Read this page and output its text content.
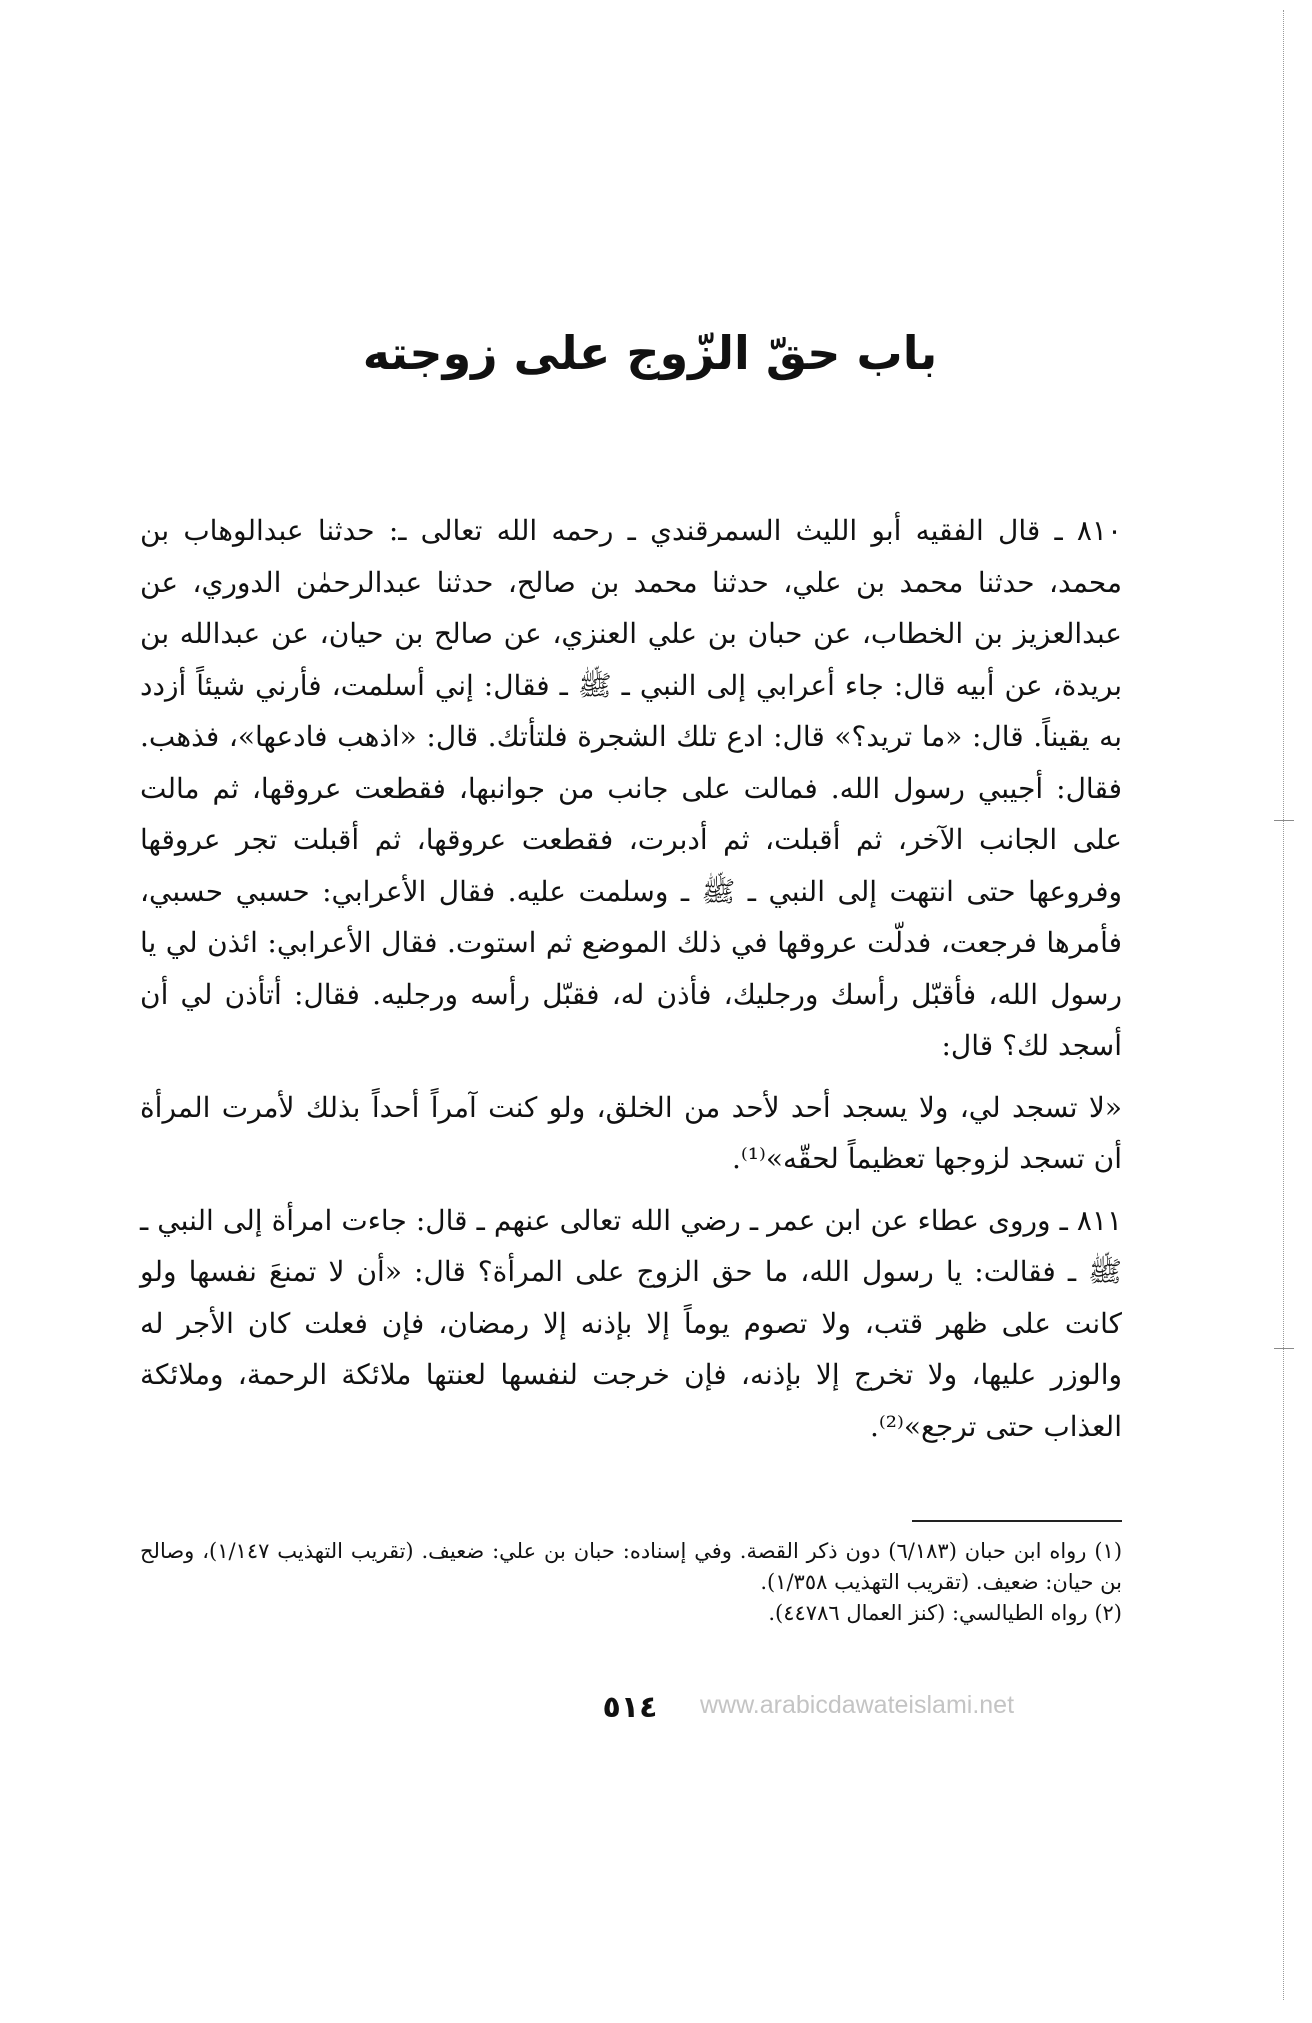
باب حقّ الزّوج على زوجته

٨١٠ ـ قال الفقيه أبو الليث السمرقندي ـ رحمه الله تعالى ـ: حدثنا عبدالوهاب بن محمد، حدثنا محمد بن علي، حدثنا محمد بن صالح، حدثنا عبدالرحمٰن الدوري، عن عبدالعزيز بن الخطاب، عن حبان بن علي العنزي، عن صالح بن حيان، عن عبدالله بن بريدة، عن أبيه قال: جاء أعرابي إلى النبي ـ ﷺ ـ فقال: إني أسلمت، فأرني شيئاً أزدد به يقيناً. قال: «ما تريد؟» قال: ادع تلك الشجرة فلتأتك. قال: «اذهب فادعها»، فذهب. فقال: أجيبي رسول الله. فمالت على جانب من جوانبها، فقطعت عروقها، ثم مالت على الجانب الآخر، ثم أقبلت، ثم أدبرت، فقطعت عروقها، ثم أقبلت تجر عروقها وفروعها حتى انتهت إلى النبي ـ ﷺ ـ وسلمت عليه. فقال الأعرابي: حسبي حسبي، فأمرها فرجعت، فدلّت عروقها في ذلك الموضع ثم استوت. فقال الأعرابي: ائذن لي يا رسول الله، فأقبّل رأسك ورجليك، فأذن له، فقبّل رأسه ورجليه. فقال: أتأذن لي أن أسجد لك؟ قال:

«لا تسجد لي، ولا يسجد أحد لأحد من الخلق، ولو كنت آمراً أحداً بذلك لأمرت المرأة أن تسجد لزوجها تعظيماً لحقّه»⁽¹⁾.

٨١١ ـ وروى عطاء عن ابن عمر ـ رضي الله تعالى عنهم ـ قال: جاءت امرأة إلى النبي ـ ﷺ ـ فقالت: يا رسول الله، ما حق الزوج على المرأة؟ قال: «أن لا تمنعَ نفسها ولو كانت على ظهر قتب، ولا تصوم يوماً إلا بإذنه إلا رمضان، فإن فعلت كان الأجر له والوزر عليها، ولا تخرج إلا بإذنه، فإن خرجت لنفسها لعنتها ملائكة الرحمة، وملائكة العذاب حتى ترجع»⁽²⁾.

(١) رواه ابن حبان (٦/١٨٣) دون ذكر القصة. وفي إسناده: حبان بن علي: ضعيف. (تقريب التهذيب ١/١٤٧)، وصالح بن حيان: ضعيف. (تقريب التهذيب ١/٣٥٨).

(٢) رواه الطيالسي: (كنز العمال ٤٤٧٨٦).

٥١٤	www.arabicdawateislami.net
